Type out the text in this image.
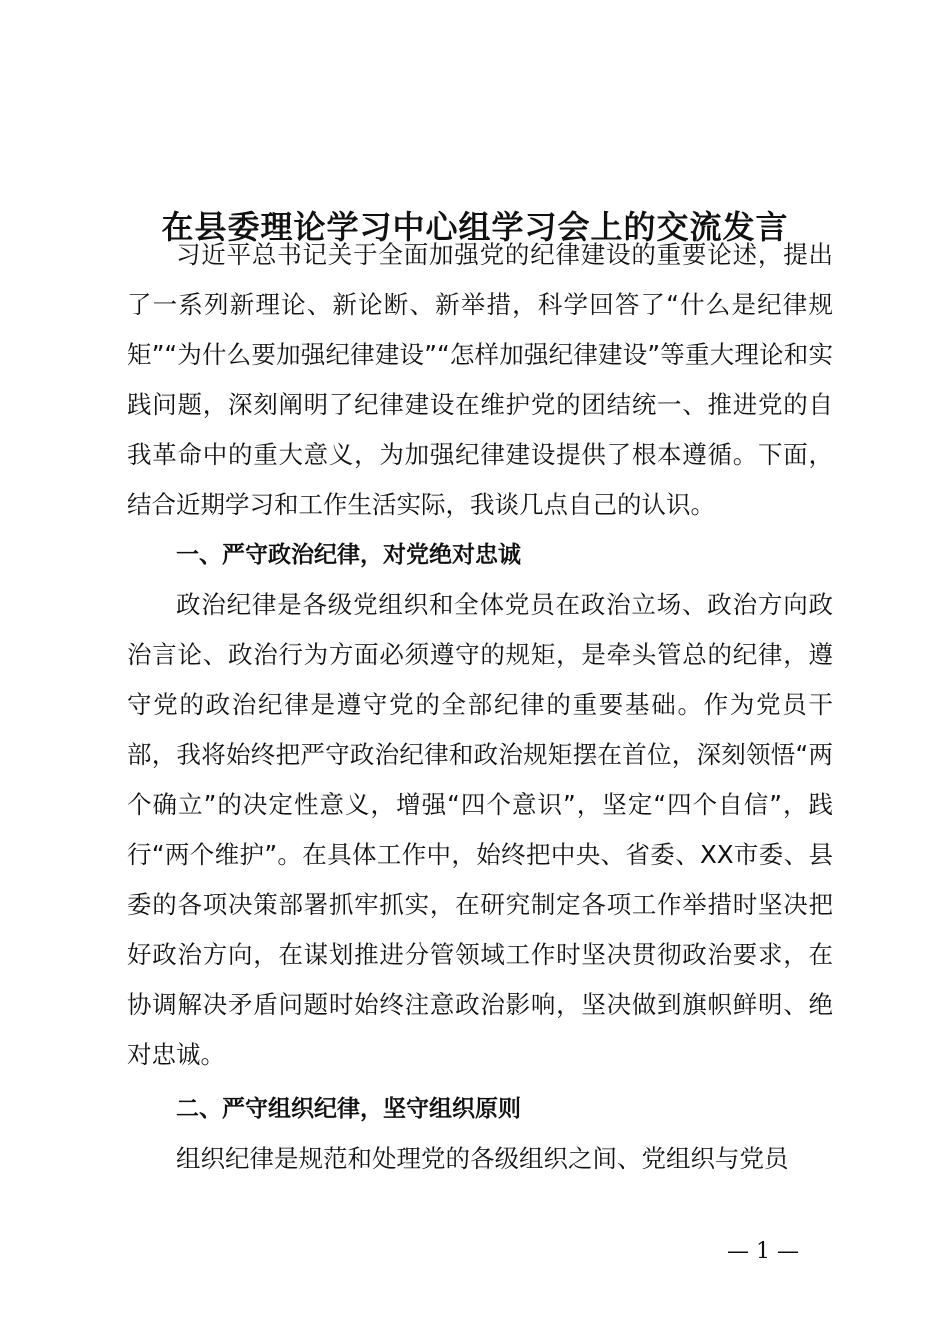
在县委理论学习中心组学习会上的交流发言

习近平总书记关于全面加强党的纪律建设的重要论述，提出了一系列新理论、新论断、新举措，科学回答了“什么是纪律规矩”“为什么要加强纪律建设”“怎样加强纪律建设”等重大理论和实践问题，深刻阐明了纪律建设在维护党的团结统一、推进党的自我革命中的重大意义，为加强纪律建设提供了根本遵循。下面，结合近期学习和工作生活实际，我谈几点自己的认识。

一、严守政治纪律，对党绝对忠诚

政治纪律是各级党组织和全体党员在政治立场、政治方向政治言论、政治行为方面必须遵守的规矩，是牵头管总的纪律，遵守党的政治纪律是遵守党的全部纪律的重要基础。作为党员干部，我将始终把严守政治纪律和政治规矩摆在首位，深刻领悟“两个确立”的决定性意义，增强“四个意识”，坚定“四个自信”，践行“两个维护”。在具体工作中，始终把中央、省委、XX市委、县委的各项决策部署抓牢抓实，在研究制定各项工作举措时坚决把好政治方向，在谋划推进分管领域工作时坚决贯彻政治要求，在协调解决矛盾问题时始终注意政治影响，坚决做到旗帜鲜明、绝对忠诚。

二、严守组织纪律，坚守组织原则

组织纪律是规范和处理党的各级组织之间、党组织与党员

— 1 —
